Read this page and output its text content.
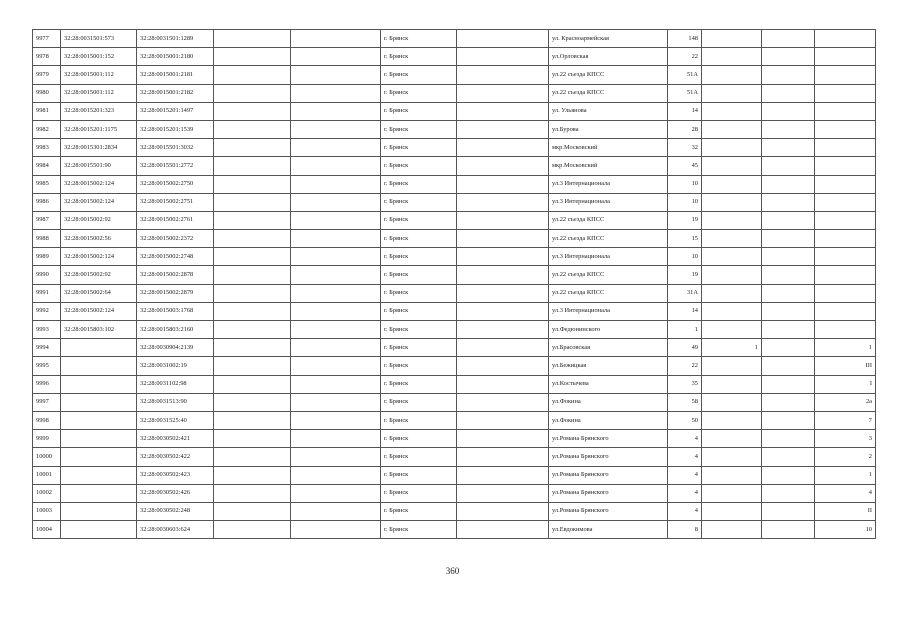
9977	32:28:0031501:573	32:28:0031501:1289			г. Брянск		ул. Красноармейская	148			
9978	32:28:0015001:152	32:28:0015001:2180			г. Брянск		ул.Орловская	22			
9979	32:28:0015001:112	32:28:0015001:2181			г. Брянск		ул.22 съезда КПСС	51А			
9980	32:28:0015001:112	32:28:0015001:2182			г. Брянск		ул.22 съезда КПСС	51А			
9981	32:28:0015201:323	32:28:0015201:1497			г. Брянск		ул. Ульянова	14			
9982	32:28:0015201:1175	32:28:0015201:1539			г. Брянск		ул.Бурова	28			
9983	32:28:0015301:2834	32:28:0015501:3032			г. Брянск		мкр.Московский	32			
9984	32:28:0015501:90	32:28:0015501:2772			г. Брянск		мкр.Московский	45			
9985	32:28:0015002:124	32:28:0015002:2750			г. Брянск		ул.3 Интернационала	10			
9986	32:28:0015002:124	32:28:0015002:2751			г. Брянск		ул.3 Интернационала	10			
9987	32:28:0015002:92	32:28:0015002:2761			г. Брянск		ул.22 съезда КПСС	19			
9988	32:28:0015002:56	32:28:0015002:2372			г. Брянск		ул.22 съезда КПСС	15			
9989	32:28:0015002:124	32:28:0015002:2748			г. Брянск		ул.3 Интернационала	10			
9990	32:28:0015002:92	32:28:0015002:2878			г. Брянск		ул.22 съезда КПСС	19			
9991	32:28:0015002:64	32:28:0015002:2879			г. Брянск		ул.22 съезда КПСС	31А			
9992	32:28:0015002:124	32:28:0015003:1768			г. Брянск		ул.3 Интернационала	14			
9993	32:28:0015803:102	32:28:0015803:2160			г. Брянск		ул.Федюнинского	1			
9994		32:28:0030904:2139			г. Брянск		ул.Брасовская	49	1		1
9995		32:28:0031002:19			г. Брянск		ул.Бежицкая	22			III
9996		32:28:0031102:98			г. Брянск		ул.Костычева	35			I
9997		32:28:0031513:90			г. Брянск		ул.Фокина	58			2а
9998		32:28:0031525:40			г. Брянск		ул.Фокина	50			7
9999		32:28:0030502:421			г. Брянск		ул.Романа Брянского	4			3
10000		32:28:0030502:422			г. Брянск		ул.Романа Брянского	4			2
10001		32:28:0030502:423			г. Брянск		ул.Романа Брянского	4			1
10002		32:28:0030502:426			г. Брянск		ул.Романа Брянского	4			4
10003		32:28:0030502:248			г. Брянск		ул.Романа Брянского	4			II
10004		32:28:0030603:624			г. Брянск		ул.Евдокимова	8			10
360
